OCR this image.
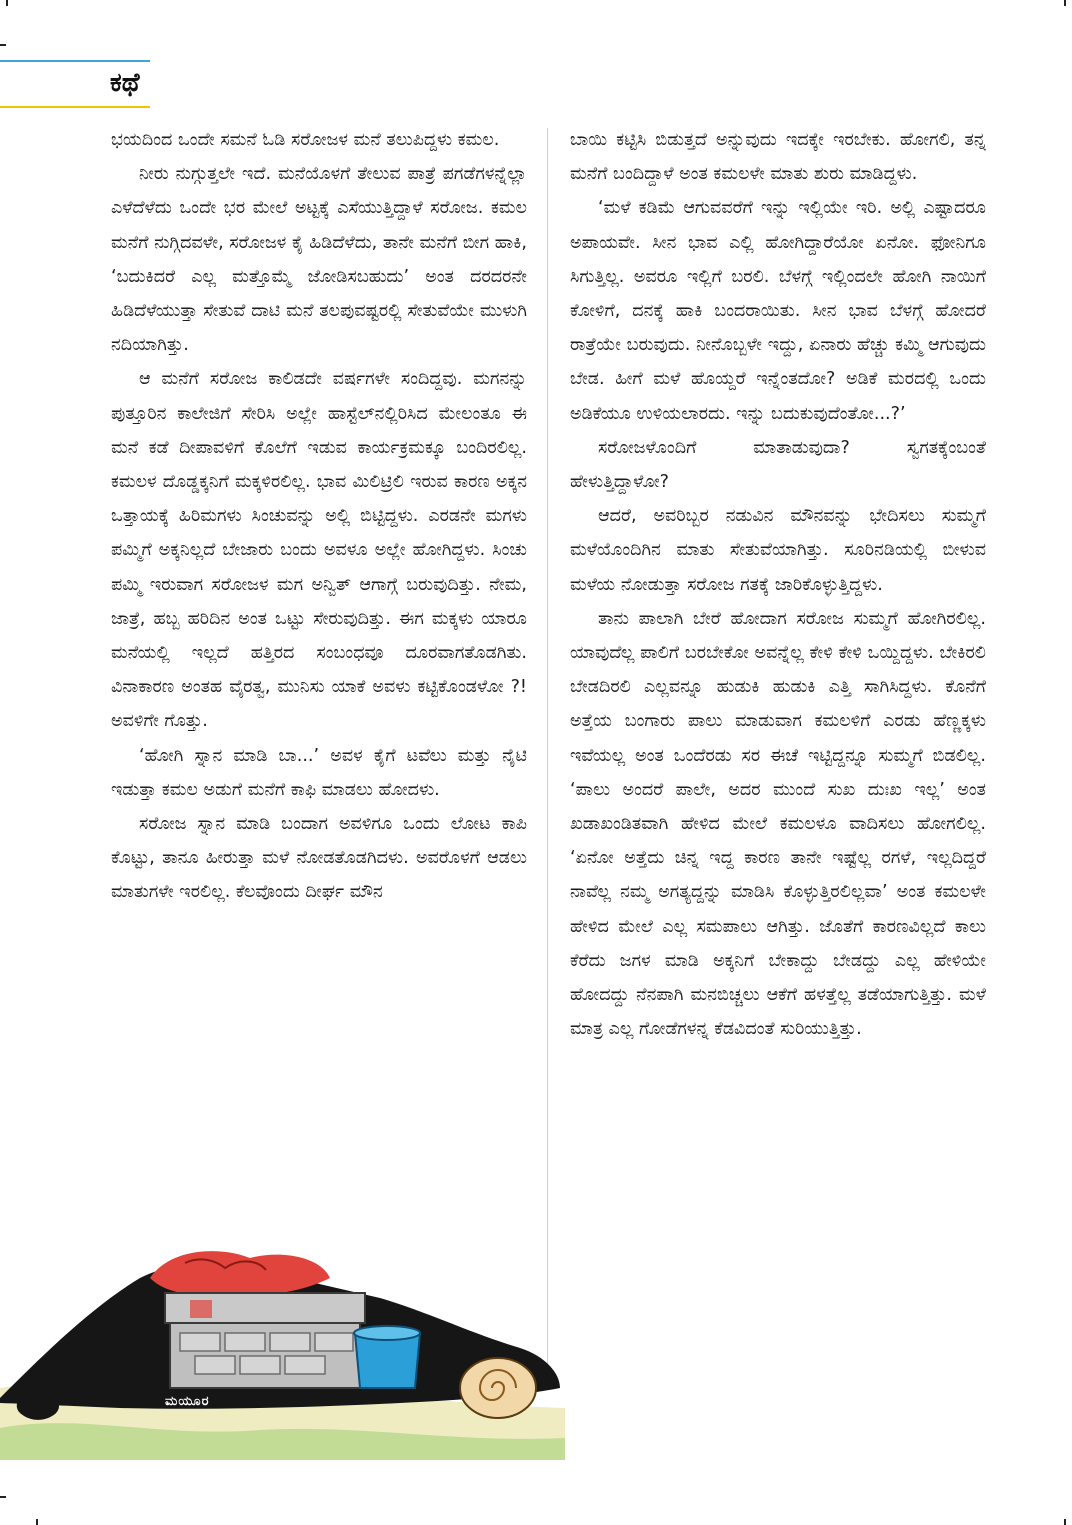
ಕಥೆ

ಭಯದಿಂದ ಒಂದೇ ಸಮನೆ ಓಡಿ ಸರೋಜಳ ಮನೆ ತಲುಪಿದ್ದಳು ಕಮಲ.

ನೀರು ನುಗ್ಗುತ್ತಲೇ ಇದೆ. ಮನೆಯೊಳಗೆ ತೇಲುವ ಪಾತ್ರೆ ಪಗಡೆಗಳನ್ನೆಲ್ಲಾ ಎಳೆದೆಳೆದು ಒಂದೇ ಭರ ಮೇಲೆ ಅಟ್ಟಕ್ಕೆ ಎಸೆಯುತ್ತಿದ್ದಾಳೆ ಸರೋಜ. ಕಮಲ ಮನೆಗೆ ನುಗ್ಗಿದವಳೇ, ಸರೋಜಳ ಕೈ ಹಿಡಿದೆಳೆದು, ತಾನೇ ಮನೆಗೆ ಬೀಗ ಹಾಕಿ, ‘ಬದುಕಿದರೆ ಎಲ್ಲ ಮತ್ತೊಮ್ಮೆ ಜೋಡಿಸಬಹುದು’ ಅಂತ ದರದರನೇ ಹಿಡಿದೆಳೆಯುತ್ತಾ ಸೇತುವೆ ದಾಟಿ ಮನೆ ತಲಪುವಷ್ಟರಲ್ಲಿ ಸೇತುವೆಯೇ ಮುಳುಗಿ ನದಿಯಾಗಿತ್ತು.

ಆ ಮನೆಗೆ ಸರೋಜ ಕಾಲಿಡದೇ ವರ್ಷಗಳೇ ಸಂದಿದ್ದವು. ಮಗನನ್ನು ಪುತ್ತೂರಿನ ಕಾಲೇಜಿಗೆ ಸೇರಿಸಿ ಅಲ್ಲೇ ಹಾಸ್ಟೆಲ್‌ನಲ್ಲಿರಿಸಿದ ಮೇಲಂತೂ ಈ ಮನೆ ಕಡೆ ದೀಪಾವಳಿಗೆ ಕೊಲೆಗೆ ಇಡುವ ಕಾರ್ಯಕ್ರಮಕ್ಕೂ ಬಂದಿರಲಿಲ್ಲ. ಕಮಲಳ ದೊಡ್ಡಕ್ಕನಿಗೆ ಮಕ್ಕಳಿರಲಿಲ್ಲ. ಭಾವ ಮಿಲಿಟ್ರಿಲಿ ಇರುವ ಕಾರಣ ಅಕ್ಕನ ಒತ್ತಾಯಕ್ಕೆ ಹಿರಿಮಗಳು ಸಿಂಚುವನ್ನು ಅಲ್ಲಿ ಬಿಟ್ಟಿದ್ದಳು. ಎರಡನೇ ಮಗಳು ಪಮ್ಮಿಗೆ ಅಕ್ಕನಿಲ್ಲದೆ ಬೇಜಾರು ಬಂದು ಅವಳೂ ಅಲ್ಲೇ ಹೋಗಿದ್ದಳು. ಸಿಂಚು ಪಮ್ಮಿ ಇರುವಾಗ ಸರೋಜಳ ಮಗ ಅನ್ವಿತ್ ಆಗಾಗ್ಗೆ ಬರುವುದಿತ್ತು. ನೇಮ, ಜಾತ್ರೆ, ಹಬ್ಬ ಹರಿದಿನ ಅಂತ ಒಟ್ಟು ಸೇರುವುದಿತ್ತು. ಈಗ ಮಕ್ಕಳು ಯಾರೂ ಮನೆಯಲ್ಲಿ ಇಲ್ಲದೆ ಹತ್ತಿರದ ಸಂಬಂಧವೂ ದೂರವಾಗತೊಡಗಿತು. ವಿನಾಕಾರಣ ಅಂತಹ ವೈರತ್ವ, ಮುನಿಸು ಯಾಕೆ ಅವಳು ಕಟ್ಟಿಕೊಂಡಳೋ ?! ಅವಳಿಗೇ ಗೊತ್ತು.

‘ಹೋಗಿ ಸ್ನಾನ ಮಾಡಿ ಬಾ...’ ಅವಳ ಕೈಗೆ ಟವೆಲು ಮತ್ತು ನೈಟಿ ಇಡುತ್ತಾ ಕಮಲ ಅಡುಗೆ ಮನೆಗೆ ಕಾಫಿ ಮಾಡಲು ಹೋದಳು.

ಸರೋಜ ಸ್ನಾನ ಮಾಡಿ ಬಂದಾಗ ಅವಳಿಗೂ ಒಂದು ಲೋಟ ಕಾಪಿ ಕೊಟ್ಟು, ತಾನೂ ಹೀರುತ್ತಾ ಮಳೆ ನೋಡತೊಡಗಿದಳು. ಅವರೊಳಗೆ ಆಡಲು ಮಾತುಗಳೇ ಇರಲಿಲ್ಲ. ಕೆಲವೊಂದು ದೀರ್ಘ ಮೌನ

ಬಾಯಿ ಕಟ್ಟಿಸಿ ಬಿಡುತ್ತದೆ ಅನ್ನುವುದು ಇದಕ್ಕೇ ಇರಬೇಕು. ಹೋಗಲಿ, ತನ್ನ ಮನೆಗೆ ಬಂದಿದ್ದಾಳೆ ಅಂತ ಕಮಲಳೇ ಮಾತು ಶುರು ಮಾಡಿದ್ದಳು.

‘ಮಳೆ ಕಡಿಮೆ ಆಗುವವರೆಗೆ ಇನ್ನು ಇಲ್ಲಿಯೇ ಇರಿ. ಅಲ್ಲಿ ಎಷ್ಟಾದರೂ ಅಪಾಯವೇ. ಸೀನ ಭಾವ ಎಲ್ಲಿ ಹೋಗಿದ್ದಾರೆಯೋ ಏನೋ. ಫೋನಿಗೂ ಸಿಗುತ್ತಿಲ್ಲ. ಅವರೂ ಇಲ್ಲಿಗೆ ಬರಲಿ. ಬೆಳಗ್ಗೆ ಇಲ್ಲಿಂದಲೇ ಹೋಗಿ ನಾಯಿಗೆ ಕೋಳಿಗೆ, ದನಕ್ಕೆ ಹಾಕಿ ಬಂದರಾಯಿತು. ಸೀನ ಭಾವ ಬೆಳಗ್ಗೆ ಹೋದರೆ ರಾತ್ರೆಯೇ ಬರುವುದು. ನೀನೊಬ್ಬಳೇ ಇದ್ದು, ಏನಾರು ಹೆಚ್ಚು ಕಮ್ಮಿ ಆಗುವುದು ಬೇಡ. ಹೀಗೆ ಮಳೆ ಹೊಯ್ದರೆ ಇನ್ನೆಂತದೋ? ಅಡಿಕೆ ಮರದಲ್ಲಿ ಒಂದು ಅಡಿಕೆಯೂ ಉಳಿಯಲಾರದು. ಇನ್ನು ಬದುಕುವುದೆಂತೋ...?’

ಸರೋಜಳೊಂದಿಗೆ ಮಾತಾಡುವುದಾ? ಸ್ವಗತಕ್ಕೆಂಬಂತೆ ಹೇಳುತ್ತಿದ್ದಾಳೋ?

ಆದರೆ, ಅವರಿಬ್ಬರ ನಡುವಿನ ಮೌನವನ್ನು ಭೇದಿಸಲು ಸುಮ್ಮಗೆ ಮಳೆಯೊಂದಿಗಿನ ಮಾತು ಸೇತುವೆಯಾಗಿತ್ತು. ಸೂರಿನಡಿಯಲ್ಲಿ ಬೀಳುವ ಮಳೆಯ ನೋಡುತ್ತಾ ಸರೋಜ ಗತಕ್ಕೆ ಜಾರಿಕೊಳ್ಳುತ್ತಿದ್ದಳು.

ತಾನು ಪಾಲಾಗಿ ಬೇರೆ ಹೋದಾಗ ಸರೋಜ ಸುಮ್ಮಗೆ ಹೋಗಿರಲಿಲ್ಲ. ಯಾವುದೆಲ್ಲ ಪಾಲಿಗೆ ಬರಬೇಕೋ ಅವನ್ನೆಲ್ಲ ಕೇಳಿ ಕೇಳಿ ಒಯ್ದಿದ್ದಳು. ಬೇಕಿರಲಿ ಬೇಡದಿರಲಿ ಎಲ್ಲವನ್ನೂ ಹುಡುಕಿ ಹುಡುಕಿ ಎತ್ತಿ ಸಾಗಿಸಿದ್ದಳು. ಕೊನೆಗೆ ಅತ್ತೆಯ ಬಂಗಾರು ಪಾಲು ಮಾಡುವಾಗ ಕಮಲಳಿಗೆ ಎರಡು ಹೆಣ್ಣಕ್ಕಳು ಇವೆಯಲ್ಲ ಅಂತ ಒಂದೆರಡು ಸರ ಈಚೆ ಇಟ್ಟಿದ್ದನ್ನೂ ಸುಮ್ಮಗೆ ಬಿಡಲಿಲ್ಲ. ‘ಪಾಲು ಅಂದರೆ ಪಾಲೇ, ಅದರ ಮುಂದೆ ಸುಖ ದುಃಖ ಇಲ್ಲ’ ಅಂತ ಖಡಾಖಂಡಿತವಾಗಿ ಹೇಳಿದ ಮೇಲೆ ಕಮಲಳೂ ವಾದಿಸಲು ಹೋಗಲಿಲ್ಲ. ‘ಏನೋ ಅತ್ತೆದು ಚಿನ್ನ ಇದ್ದ ಕಾರಣ ತಾನೇ ಇಷ್ಟೆಲ್ಲ ರಗಳೆ, ಇಲ್ಲದಿದ್ದರೆ ನಾವೆಲ್ಲ ನಮ್ಮ ಅಗತ್ಯದ್ದನ್ನು ಮಾಡಿಸಿ ಕೊಳ್ಳುತ್ತಿರಲಿಲ್ಲವಾ’ ಅಂತ ಕಮಲಳೇ ಹೇಳಿದ ಮೇಲೆ ಎಲ್ಲ ಸಮಪಾಲು ಆಗಿತ್ತು. ಜೊತೆಗೆ ಕಾರಣವಿಲ್ಲದೆ ಕಾಲು ಕೆರೆದು ಜಗಳ ಮಾಡಿ ಅಕ್ಕನಿಗೆ ಬೇಕಾದ್ದು ಬೇಡದ್ದು ಎಲ್ಲ ಹೇಳಿಯೇ ಹೋದದ್ದು ನೆನಪಾಗಿ ಮನಬಿಚ್ಚಲು ಆಕೆಗೆ ಹಳತ್ತೆಲ್ಲ ತಡೆಯಾಗುತ್ತಿತ್ತು. ಮಳೆ ಮಾತ್ರ ಎಲ್ಲ ಗೋಡೆಗಳನ್ನ ಕೆಡವಿದಂತೆ ಸುರಿಯುತ್ತಿತ್ತು.

ಮಯೂರ
